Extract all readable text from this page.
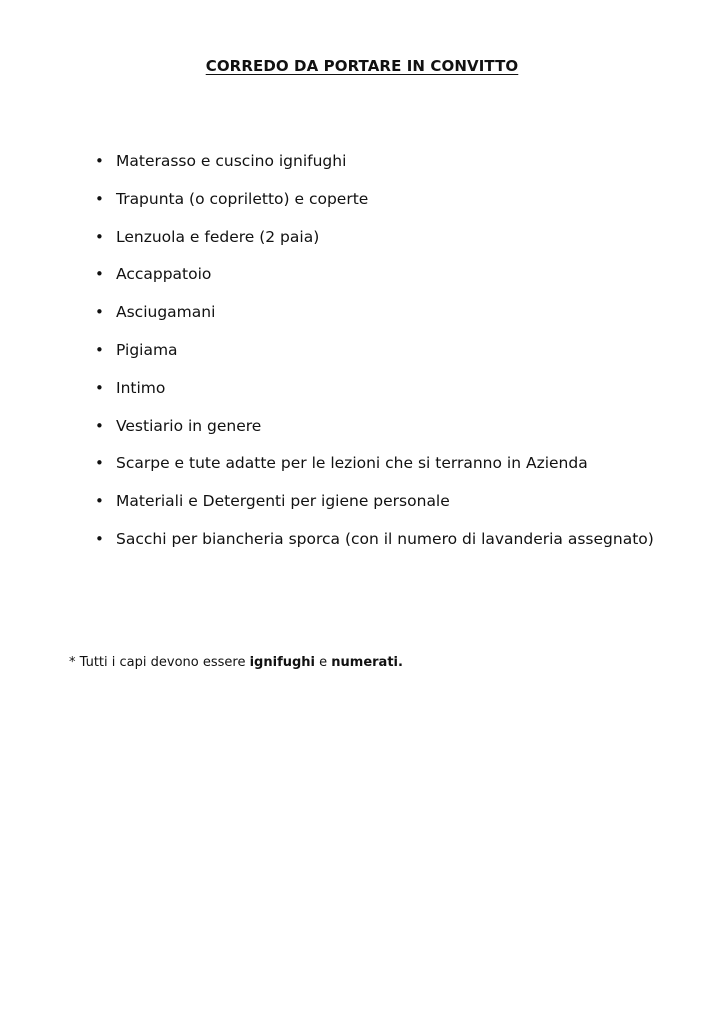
CORREDO DA PORTARE IN CONVITTO
• Materasso e cuscino ignifughi
• Trapunta (o copriletto) e coperte
• Lenzuola e federe (2 paia)
• Accappatoio
• Asciugamani
• Pigiama
• Intimo
• Vestiario in genere
• Scarpe e tute adatte per le lezioni che si terranno in Azienda
• Materiali e Detergenti per igiene personale
• Sacchi per biancheria sporca (con il numero di lavanderia assegnato)
* Tutti i capi devono essere ignifughi e numerati.
